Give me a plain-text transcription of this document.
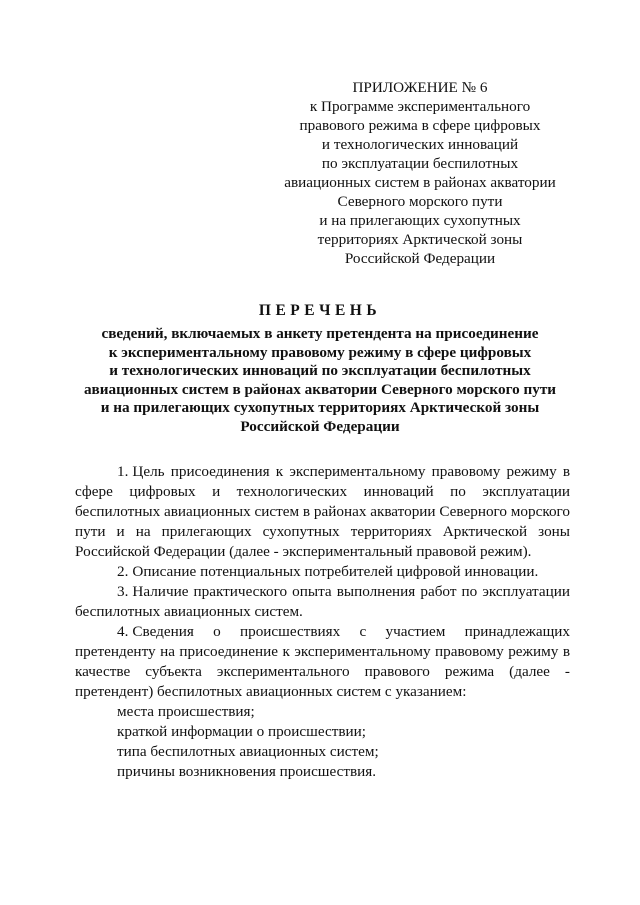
ПРИЛОЖЕНИЕ № 6
к Программе экспериментального
правового режима в сфере цифровых
и технологических инноваций
по эксплуатации беспилотных
авиационных систем в районах акватории
Северного морского пути
и на прилегающих сухопутных
территориях Арктической зоны
Российской Федерации
ПЕРЕЧЕНЬ
сведений, включаемых в анкету претендента на присоединение
к экспериментальному правовому режиму в сфере цифровых
и технологических инноваций по эксплуатации беспилотных
авиационных систем в районах акватории Северного морского пути
и на прилегающих сухопутных территориях Арктической зоны
Российской Федерации

1. Цель присоединения к экспериментальному правовому режиму в сфере цифровых и технологических инноваций по эксплуатации беспилотных авиационных систем в районах акватории Северного морского пути и на прилегающих сухопутных территориях Арктической зоны Российской Федерации (далее - экспериментальный правовой режим).

2. Описание потенциальных потребителей цифровой инновации.

3. Наличие практического опыта выполнения работ по эксплуатации беспилотных авиационных систем.

4. Сведения о происшествиях с участием принадлежащих претенденту на присоединение к экспериментальному правовому режиму в качестве субъекта экспериментального правового режима (далее - претендент) беспилотных авиационных систем с указанием:

места происшествия;
краткой информации о происшествии;
типа беспилотных авиационных систем;
причины возникновения происшествия.
